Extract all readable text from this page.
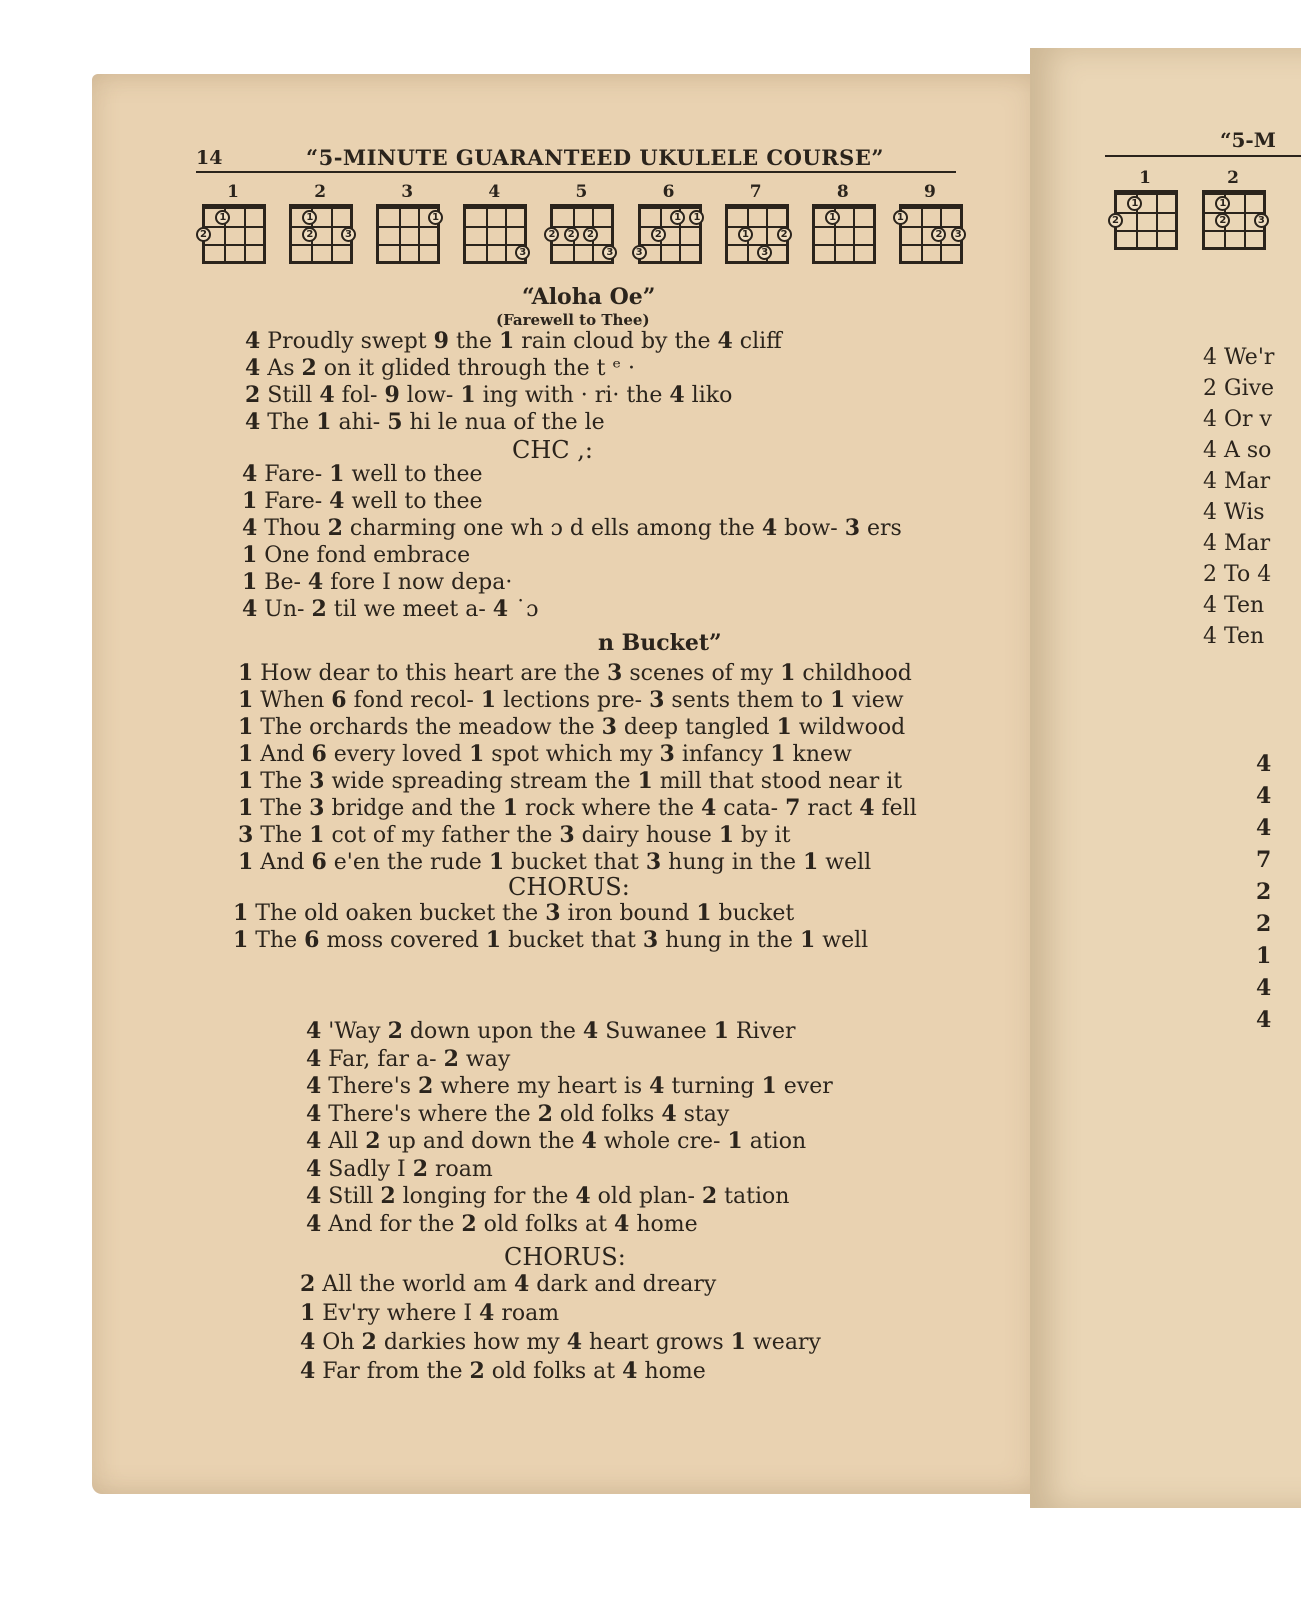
14	“5-MINUTE GUARANTEED UKULELE COURSE”
1
2
1
2
1
2	3
3
1
4
3
5
2	2	2
3
6
3
2
1	1
7
1
3
2
8
1
9
1
2	3
“Aloha Oe”
(Farewell to Thee)
4 Proudly swept 9 the 1 rain cloud by the 4 cliff
4 As 2 on it glided through the t ᵉ ·
2 Still 4 fol- 9 low- 1 ing with · ri· the 4 liko
4 The 1 ahi- 5 hi le nua of the le
CHC ,:
4 Fare- 1 well to thee
1 Fare- 4 well to thee
4 Thou 2 charming one wh ɔ d ells among the 4 bow- 3 ers
1 One fond embrace
1 Be- 4 fore I now depa·
4 Un- 2 til we meet a- 4 ˙ɔ
n Bucket”
1 How dear to this heart are the 3 scenes of my 1 childhood
1 When 6 fond recol- 1 lections pre- 3 sents them to 1 view
1 The orchards the meadow the 3 deep tangled 1 wildwood
1 And 6 every loved 1 spot which my 3 infancy 1 knew
1 The 3 wide spreading stream the 1 mill that stood near it
1 The 3 bridge and the 1 rock where the 4 cata- 7 ract 4 fell
3 The 1 cot of my father the 3 dairy house 1 by it
1 And 6 e'en the rude 1 bucket that 3 hung in the 1 well
CHORUS:
1 The old oaken bucket the 3 iron bound 1 bucket
1 The 6 moss covered 1 bucket that 3 hung in the 1 well
4 'Way 2 down upon the 4 Suwanee 1 River
4 Far, far a- 2 way
4 There's 2 where my heart is 4 turning 1 ever
4 There's where the 2 old folks 4 stay
4 All 2 up and down the 4 whole cre- 1 ation
4 Sadly I 2 roam
4 Still 2 longing for the 4 old plan- 2 tation
4 And for the 2 old folks at 4 home
CHORUS:
2 All the world am 4 dark and dreary
1 Ev'ry where I 4 roam
4 Oh 2 darkies how my 4 heart grows 1 weary
4 Far from the 2 old folks at 4 home
“5-M
1
2
1
2
1
2	3
4 We'r
2 Give
4 Or v
4 A so
4 Mar
4 Wis
4 Mar
2 To 4
4 Ten
4 Ten
4
4
4
7
2
2
1
4
4
